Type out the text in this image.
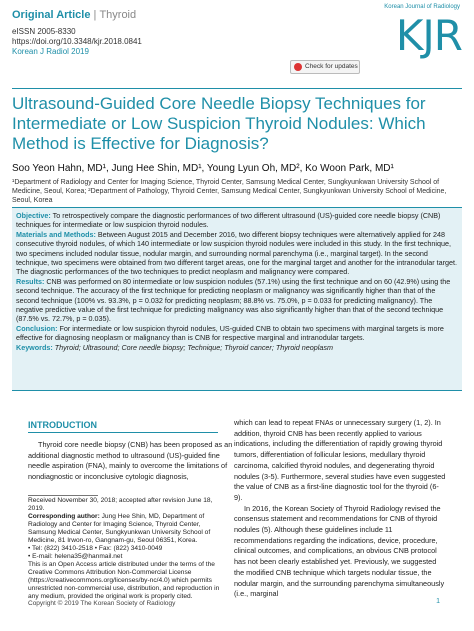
Original Article | Thyroid
eISSN 2005-8330
https://doi.org/10.3348/kjr.2018.0841
Korean J Radiol 2019
Korean Journal of Radiology
KJR
Check for updates
Ultrasound-Guided Core Needle Biopsy Techniques for Intermediate or Low Suspicion Thyroid Nodules: Which Method is Effective for Diagnosis?
Soo Yeon Hahn, MD¹, Jung Hee Shin, MD¹, Young Lyun Oh, MD², Ko Woon Park, MD¹
¹Department of Radiology and Center for Imaging Science, Thyroid Center, Samsung Medical Center, Sungkyunkwan University School of Medicine, Seoul, Korea; ²Department of Pathology, Thyroid Center, Samsung Medical Center, Sungkyunkwan University School of Medicine, Seoul, Korea
Objective: To retrospectively compare the diagnostic performances of two different ultrasound (US)-guided core needle biopsy (CNB) techniques for intermediate or low suspicion thyroid nodules.
Materials and Methods: Between August 2015 and December 2016, two different biopsy techniques were alternatively applied for 248 consecutive thyroid nodules, of which 140 intermediate or low suspicion thyroid nodules were included in this study. In the first technique, two specimens included nodular tissue, nodular margin, and surrounding normal parenchyma (i.e., marginal target). In the second technique, two specimens were obtained from two different target areas, one for the marginal target and another for the intranodular target. The diagnostic performances of the two techniques to predict neoplasm and malignancy were compared.
Results: CNB was performed on 80 intermediate or low suspicion nodules (57.1%) using the first technique and on 60 (42.9%) using the second technique. The accuracy of the first technique for predicting neoplasm or malignancy was significantly higher than that of the second technique (100% vs. 93.3%, p = 0.032 for predicting neoplasm; 88.8% vs. 75.0%, p = 0.033 for predicting malignancy). The negative predictive value of the first technique for predicting malignancy was also significantly higher than that of the second technique (87.5% vs. 72.7%, p = 0.035).
Conclusion: For intermediate or low suspicion thyroid nodules, US-guided CNB to obtain two specimens with marginal targets is more effective for diagnosing neoplasm or malignancy than is CNB for respective marginal and intranodular targets.
Keywords: Thyroid; Ultrasound; Core needle biopsy; Technique; Thyroid cancer; Thyroid neoplasm
INTRODUCTION

Thyroid core needle biopsy (CNB) has been proposed as an additional diagnostic method to ultrasound (US)-guided fine needle aspiration (FNA), mainly to overcome the limitations of nondiagnostic or inconclusive cytologic diagnosis,

Received November 30, 2018; accepted after revision June 18, 2019.
Corresponding author: Jung Hee Shin, MD, Department of Radiology and Center for Imaging Science, Thyroid Center, Samsung Medical Center, Sungkyunkwan University School of Medicine, 81 Irwon-ro, Gangnam-gu, Seoul 06351, Korea.
• Tel: (822) 3410-2518 • Fax: (822) 3410-0049
• E-mail: helena35@hanmail.net
This is an Open Access article distributed under the terms of the Creative Commons Attribution Non-Commercial License (https://creativecommons.org/licenses/by-nc/4.0) which permits unrestricted non-commercial use, distribution, and reproduction in any medium, provided the original work is properly cited.

which can lead to repeat FNAs or unnecessary surgery (1, 2). In addition, thyroid CNB has been recently applied to various indications, including the differentiation of rapidly growing thyroid tumors, differentiation of follicular lesions, medullary thyroid carcinoma, calcified thyroid nodules, and degenerating thyroid nodules (3-5). Furthermore, several studies have even suggested the value of CNB as a first-line diagnostic tool for the thyroid (6-9).

In 2016, the Korean Society of Thyroid Radiology revised the consensus statement and recommendations for CNB of thyroid nodules (5). Although these guidelines include 11 recommendations regarding the indications, device, procedure, clinical outcomes, and complications, an obvious CNB protocol has not been clearly established yet. Previously, we suggested the modified CNB technique which targets nodular tissue, the nodular margin, and the surrounding parenchyma simultaneously (i.e., marginal

Copyright © 2019 The Korean Society of Radiology	1
